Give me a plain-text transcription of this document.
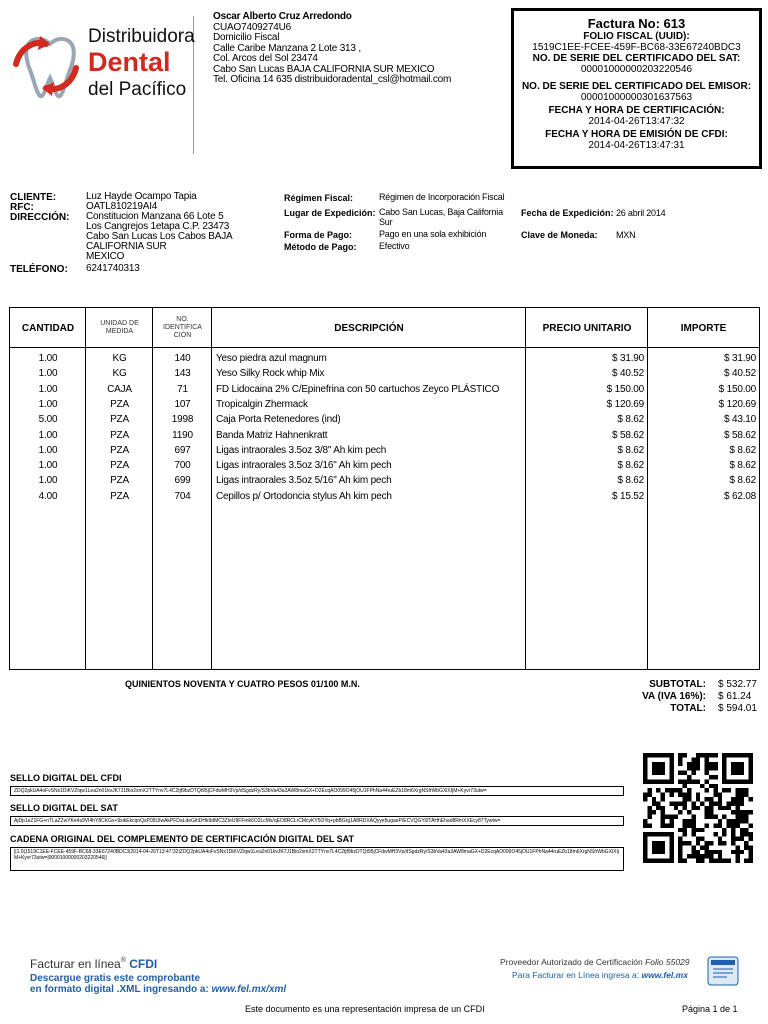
Distribuidora
Dental
del Pacífico
Oscar Alberto Cruz Arredondo
CUAO7409274U6
Domicilio Fiscal
Calle Caribe Manzana 2 Lote 313 ,
Col. Arcos del Sol 23474
Cabo San Lucas BAJA CALIFORNIA SUR MEXICO
Tel. Oficina 14 635 distribuidoradental_csl@hotmail.com
Factura No: 613
FOLIO FISCAL (UUID):
1519C1EE-FCEE-459F-BC68-33E67240BDC3
NO. DE SERIE DEL CERTIFICADO DEL SAT:
00001000000203220546
NO. DE SERIE DEL CERTIFICADO DEL EMISOR:
00001000000301637563
FECHA Y HORA DE CERTIFICACIÓN:
2014-04-26T13:47:32
FECHA Y HORA DE EMISIÓN DE CFDI:
2014-04-26T13:47:31
CLIENTE:	Luz Hayde Ocampo Tapia
RFC:	OATL810219AI4
DIRECCIÓN: Constitucion Manzana 66 Lote 5
Los Cangrejos 1etapa C.P. 23473
Cabo San Lucas Los Cabos BAJA
CALIFORNIA SUR
MEXICO
TELÉFONO: 6241740313
Régimen Fiscal:	Régimen de Incorporación Fiscal
Lugar de Expedición: Cabo San Lucas, Baja California
Sur
Fecha de Expedición: 26 abril 2014
Forma de Pago:	Pago en una sola exhibición	Clave de Moneda: MXN
Método de Pago:	Efectivo
CANTIDAD	UNIDAD DE MEDIDA
NO. IDENTIFICA CIÓN
DESCRIPCIÓN	PRECIO UNITARIO	IMPORTE
1.00	KG	140	Yeso piedra azul magnum	$ 31.90	$ 31.90
1.00	KG	143	Yeso Silky Rock whip Mix	$ 40.52	$ 40.52
1.00	CAJA	71	FD Lidocaina 2% C/Epinefrina con 50 cartuchos Zeyco PLÁSTICO	$ 150.00	$ 150.00
1.00	PZA	107	Tropicalgin Zhermack	$ 120.69	$ 120.69
5.00	PZA	1998	Caja Porta Retenedores (ind)	$ 8.62	$ 43.10
1.00	PZA	1190	Banda Matriz Hahnenkratt	$ 58.62	$ 58.62
1.00	PZA	697	Ligas intraorales 3.5oz 3/8" Ah kim pech	$ 8.62	$ 8.62
1.00	PZA	700	Ligas intraorales 3.5oz 3/16" Ah kim pech	$ 8.62	$ 8.62
1.00	PZA	699	Ligas intraorales 3.5oz 5/16" Ah kim pech	$ 8.62	$ 8.62
4.00	PZA	704	Cepillos p/ Ortodoncia stylus Ah kim pech	$ 15.52	$ 62.08
QUINIENTOS NOVENTA Y CUATRO PESOS 01/100 M.N.	SUBTOTAL: $ 532.77
VA (IVA 16%): $ 61.24
TOTAL: $ 594.01
SELLO DIGITAL DEL CFDI
ZDQ2pkUA4oFvSNx1DiKVZiqw1Lea2n01kvJK7J1Bio2xmX2TTYnv7L4C2tjf9bzDTQt95jCFdwMH3Vp/dSgdzRy/S3bVa43a3AW8maGX+D2EcqAO099O45jOU1FPhNa44ruEZb18m6XrgNSfrWbGXiXIjM+Kyvr73utw=
SELLO DIGITAL DEL SAT
AjDp1eZ1FG+nTLaZZwYKe4s9VI4hY8CKGx+9sikEkcqnQsP09UIwAkPFDaLdeGihDHk9dMC3ZIeU9FFmk6O2LcMs/qEO8RCLrCMcyKY5OYq+pbBGrg1A8RDXAQyye5ugaeP/ECVQGYi0TAHhEhad8RmXXEcy87Tywtw=
CADENA ORIGINAL DEL COMPLEMENTO DE CERTIFICACIÓN DIGITAL DEL SAT
||1.0|1519C1EE-FCEE-459F-BC68-33E67240BDC3|2014-04-26T13:47:32|ZDQ2pkUA4oFvSNx1DiKVZiqw1Lea2n01kvJK7J1Bio2xmX2TTYnv7L4C2tjf9bzDTQt95jCFdwMH3Vp/dSgdzRy/S3bVa43a3AW8maGX+D2EcqAO099O45jOU1FPhNa44ruEZb18m6XrgNSfrWbGXiXIjM+Kyvr73utw=|00001000000203220546||
Facturar en línea® CFDI
Descargue gratis este comprobante
en formato digital .XML ingresando a: www.fel.mx/xml
Proveedor Autorizado de Certificación Folio 55029
Para Facturar en Línea ingresa a: www.fel.mx
Este documento es una representación impresa de un CFDI	Página 1 de 1
